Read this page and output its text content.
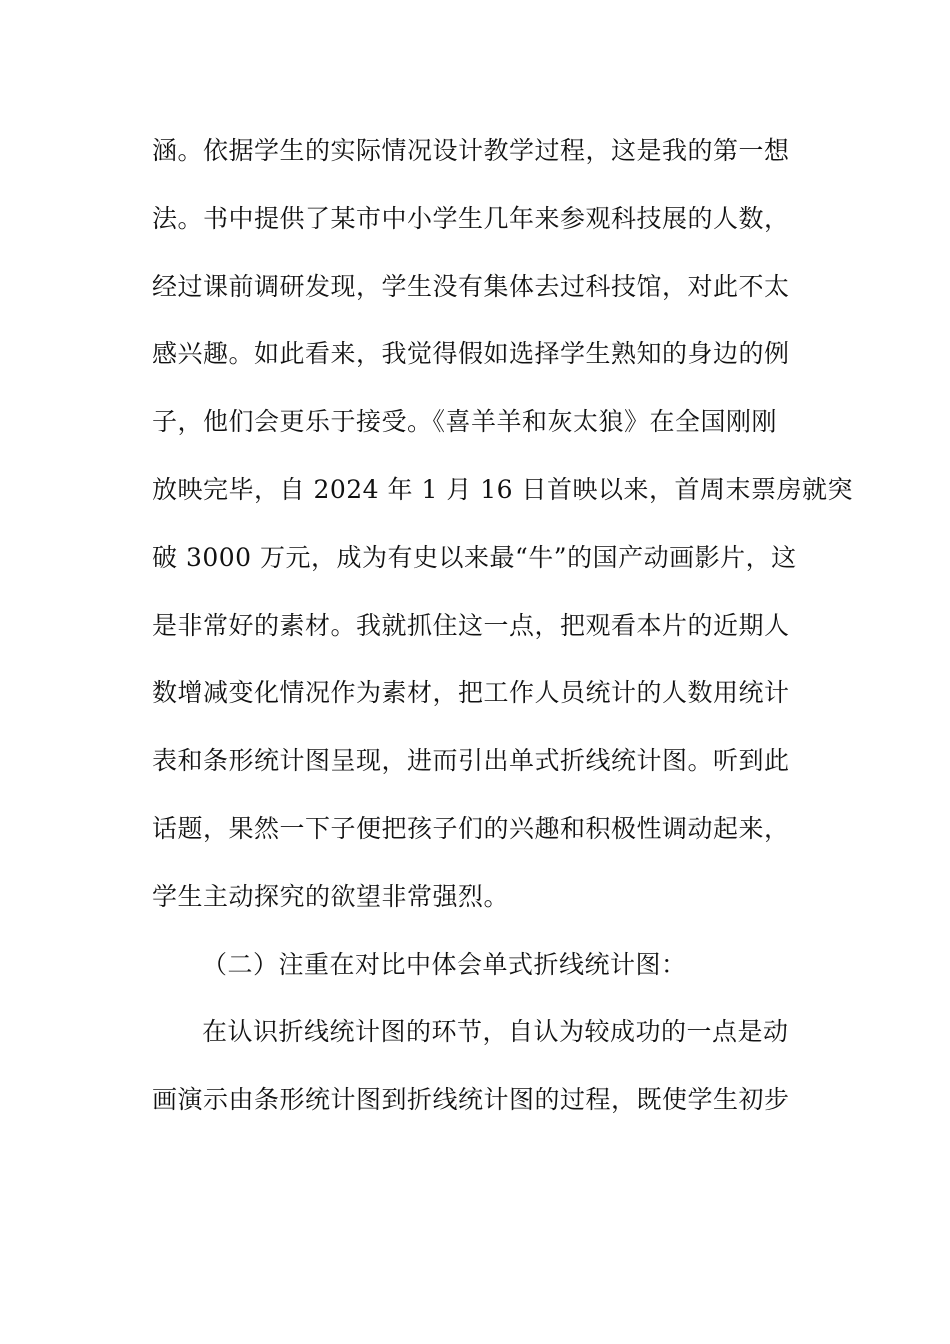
涵。依据学生的实际情况设计教学过程，这是我的第一想
法。书中提供了某市中小学生几年来参观科技展的人数，
经过课前调研发现，学生没有集体去过科技馆，对此不太
感兴趣。如此看来，我觉得假如选择学生熟知的身边的例
子，他们会更乐于接受。《喜羊羊和灰太狼》在全国刚刚
放映完毕，自 2024 年 1 月 16 日首映以来，首周末票房就突
破 3000 万元，成为有史以来最“牛”的国产动画影片，这
是非常好的素材。我就抓住这一点，把观看本片的近期人
数增减变化情况作为素材，把工作人员统计的人数用统计
表和条形统计图呈现，进而引出单式折线统计图。听到此
话题，果然一下子便把孩子们的兴趣和积极性调动起来，
学生主动探究的欲望非常强烈。
（二）注重在对比中体会单式折线统计图：
在认识折线统计图的环节，自认为较成功的一点是动
画演示由条形统计图到折线统计图的过程，既使学生初步
